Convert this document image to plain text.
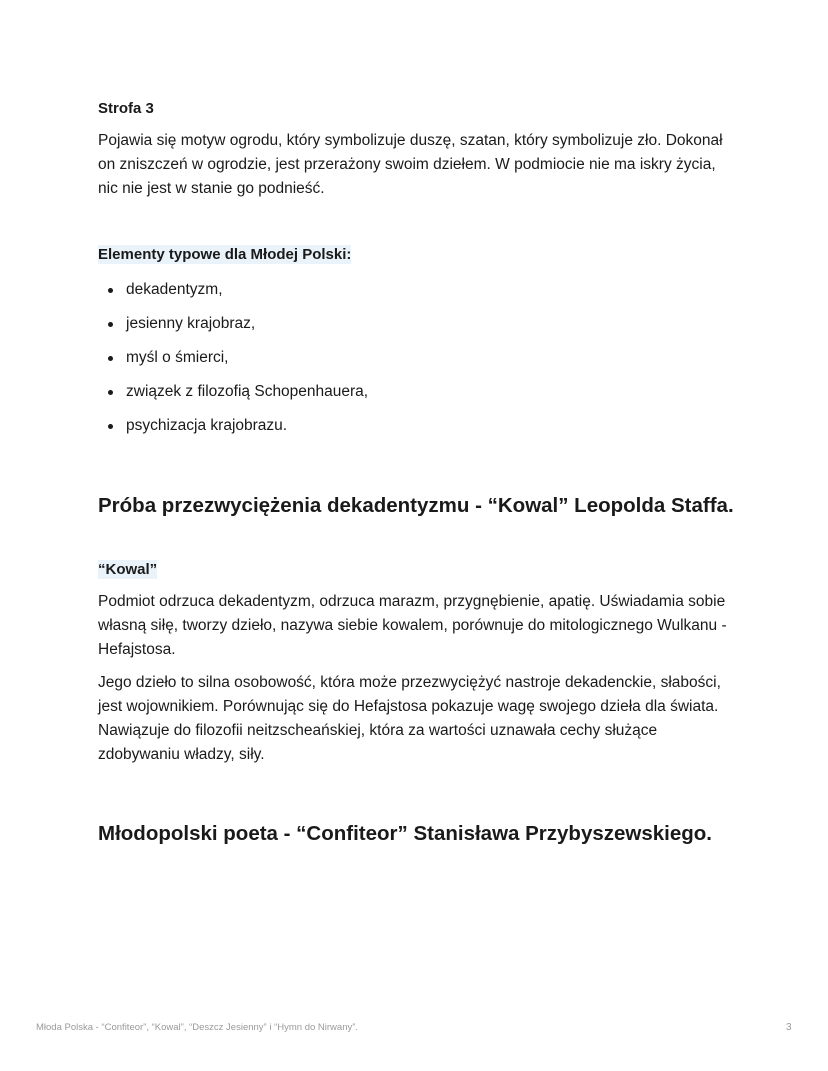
Strofa 3

Pojawia się motyw ogrodu, który symbolizuje duszę, szatan, który symbolizuje zło. Dokonał on zniszczeń w ogrodzie, jest przerażony swoim dziełem. W podmiocie nie ma iskry życia, nic nie jest w stanie go podnieść.

Elementy typowe dla Młodej Polski:
dekadentyzm,
jesienny krajobraz,
myśl o śmierci,
związek z filozofią Schopenhauera,
psychizacja krajobrazu.
Próba przezwyciężenia dekadentyzmu - “Kowal” Leopolda Staffa.
“Kowal”

Podmiot odrzuca dekadentyzm, odrzuca marazm, przygnębienie, apatię. Uświadamia sobie własną siłę, tworzy dzieło, nazywa siebie kowalem, porównuje do mitologicznego Wulkanu - Hefajstosa.

Jego dzieło to silna osobowość, która może przezwyciężyć nastroje dekadenckie, słabości, jest wojownikiem. Porównując się do Hefajstosa pokazuje wagę swojego dzieła dla świata. Nawiązuje do filozofii neitzscheańskiej, która za wartości uznawała cechy służące zdobywaniu władzy, siły.

Młodopolski poeta - “Confiteor” Stanisława Przybyszewskiego.
Młoda Polska - “Confiteor”, “Kowal”, “Deszcz Jesienny” i “Hymn do Nirwany”.	3
